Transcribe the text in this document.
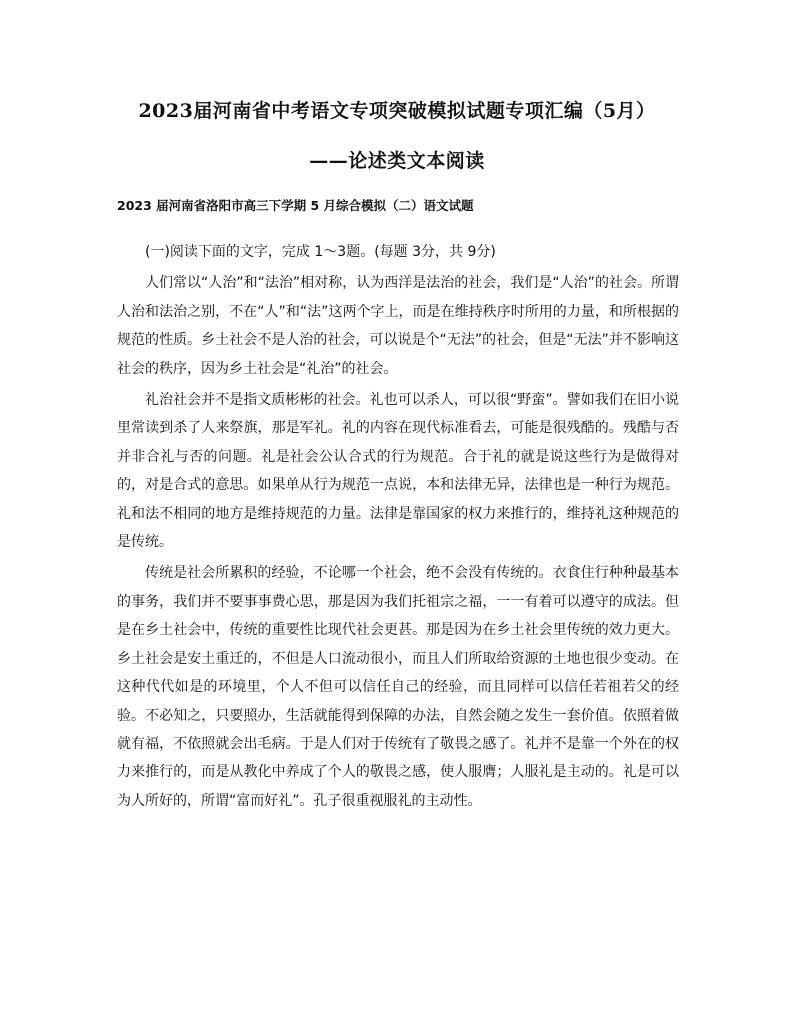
2023届河南省中考语文专项突破模拟试题专项汇编（5月）
——论述类文本阅读
2023 届河南省洛阳市高三下学期 5 月综合模拟（二）语文试题

(一)阅读下面的文字，完成 1～3题。(每题 3分，共 9分)

人们常以“人治”和“法治”相对称，认为西洋是法治的社会，我们是“人治”的社会。所谓人治和法治之别，不在“人”和“法”这两个字上，而是在维持秩序时所用的力量，和所根据的规范的性质。乡土社会不是人治的社会，可以说是个“无法”的社会，但是“无法”并不影响这社会的秩序，因为乡土社会是“礼治”的社会。

礼治社会并不是指文质彬彬的社会。礼也可以杀人，可以很“野蛮”。譬如我们在旧小说里常读到杀了人来祭旗，那是军礼。礼的内容在现代标准看去，可能是很残酷的。残酷与否并非合礼与否的问题。礼是社会公认合式的行为规范。合于礼的就是说这些行为是做得对的，对是合式的意思。如果单从行为规范一点说，本和法律无异，法律也是一种行为规范。礼和法不相同的地方是维持规范的力量。法律是靠国家的权力来推行的，维持礼这种规范的是传统。

传统是社会所累积的经验，不论哪一个社会，绝不会没有传统的。衣食住行种种最基本的事务，我们并不要事事费心思，那是因为我们托祖宗之福，一一有着可以遵守的成法。但是在乡土社会中，传统的重要性比现代社会更甚。那是因为在乡土社会里传统的效力更大。乡土社会是安土重迁的，不但是人口流动很小，而且人们所取给资源的土地也很少变动。在这种代代如是的环境里，个人不但可以信任自己的经验，而且同样可以信任若祖若父的经验。不必知之，只要照办，生活就能得到保障的办法，自然会随之发生一套价值。依照着做就有福，不依照就会出毛病。于是人们对于传统有了敬畏之感了。礼并不是靠一个外在的权力来推行的，而是从教化中养成了个人的敬畏之感，使人服膺；人服礼是主动的。礼是可以为人所好的，所谓“富而好礼”。孔子很重视服礼的主动性。
